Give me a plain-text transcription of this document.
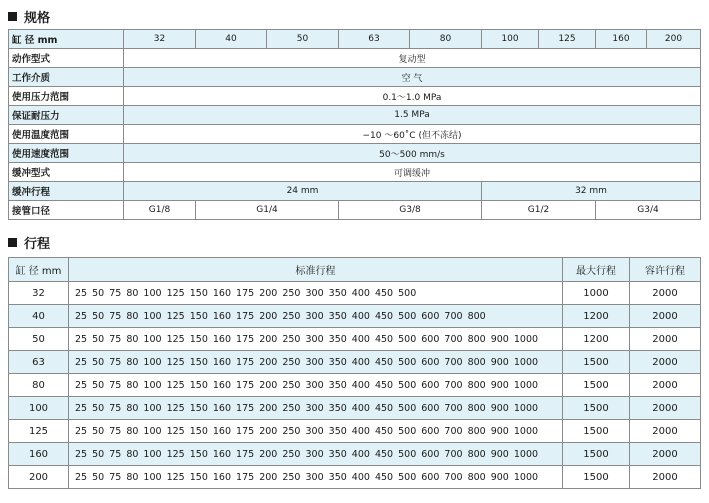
规格
缸 径 mm	32	40	50	63	80	100	125	160	200
动作型式	复动型								
工作介质	空 气								
使用压力范围	0.1～1.0 MPa								
保证耐压力	1.5 MPa								
使用温度范围	−10 ～60˚C (但不冻结)								
使用速度范围	50～500 mm/s								
缓冲型式	可调缓冲								
缓冲行程	24 mm					32 mm			
接管口径	G1/8	G1/4		G3/8		G1/2		G3/4	
行程
缸 径 mm	标准行程	最大行程	容许行程
32	25 50 75 80 100 125 150 160 175 200 250 300 350 400 450 500	1000	2000
40	25 50 75 80 100 125 150 160 175 200 250 300 350 400 450 500 600 700 800	1200	2000
50	25 50 75 80 100 125 150 160 175 200 250 300 350 400 450 500 600 700 800 900 1000	1200	2000
63	25 50 75 80 100 125 150 160 175 200 250 300 350 400 450 500 600 700 800 900 1000	1500	2000
80	25 50 75 80 100 125 150 160 175 200 250 300 350 400 450 500 600 700 800 900 1000	1500	2000
100	25 50 75 80 100 125 150 160 175 200 250 300 350 400 450 500 600 700 800 900 1000	1500	2000
125	25 50 75 80 100 125 150 160 175 200 250 300 350 400 450 500 600 700 800 900 1000	1500	2000
160	25 50 75 80 100 125 150 160 175 200 250 300 350 400 450 500 600 700 800 900 1000	1500	2000
200	25 50 75 80 100 125 150 160 175 200 250 300 350 400 450 500 600 700 800 900 1000	1500	2000
